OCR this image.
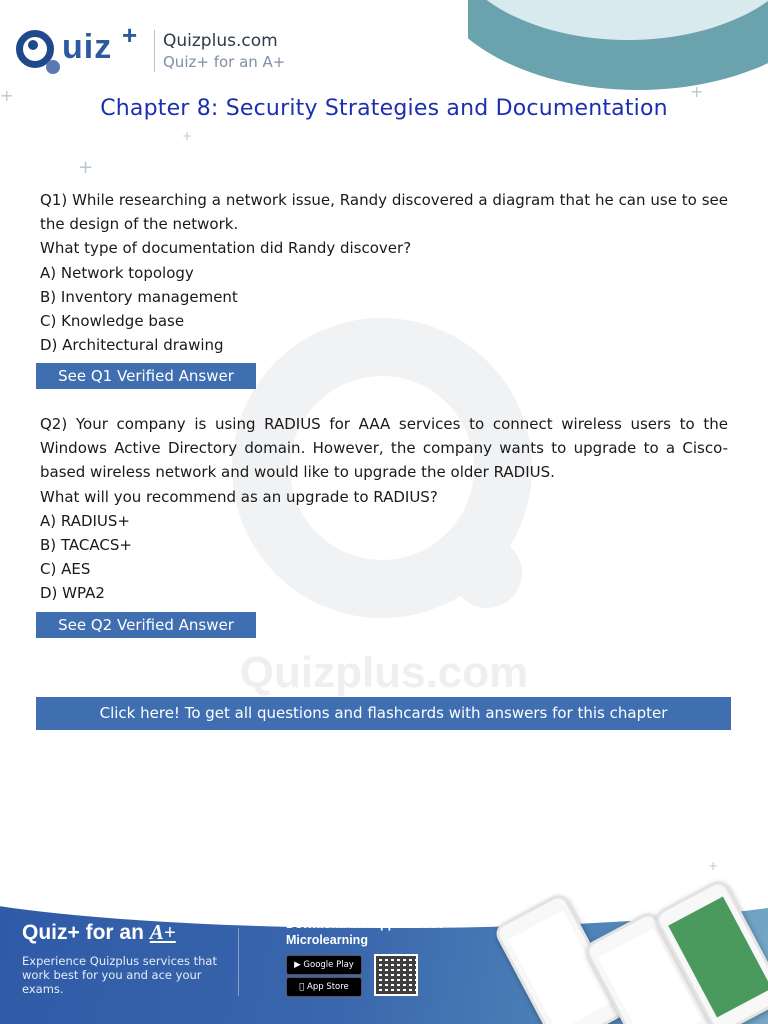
uiz + Quizplus.com
Quiz+ for an A+
+
+
+
+
+
Chapter 8: Security Strategies and Documentation
Quizplus.com
Q1) While researching a network issue, Randy discovered a diagram that he can use to see the design of the network.
What type of documentation did Randy discover?
A) Network topology
B) Inventory management
C) Knowledge base
D) Architectural drawing
See Q1 Verified Answer
Q2) Your company is using RADIUS for AAA services to connect wireless users to the Windows Active Directory domain. However, the company wants to upgrade to a Cisco-based wireless network and would like to upgrade the older RADIUS.
What will you recommend as an upgrade to RADIUS?
A) RADIUS+
B) TACACS+
C) AES
D) WPA2
See Q2 Verified Answer
Click here! To get all questions and flashcards with answers for this chapter
Quiz+ for an A+
Experience Quizplus services that work best for you and ace your exams.
Download the App to Start Microlearning
▶ Google Play
App Store
